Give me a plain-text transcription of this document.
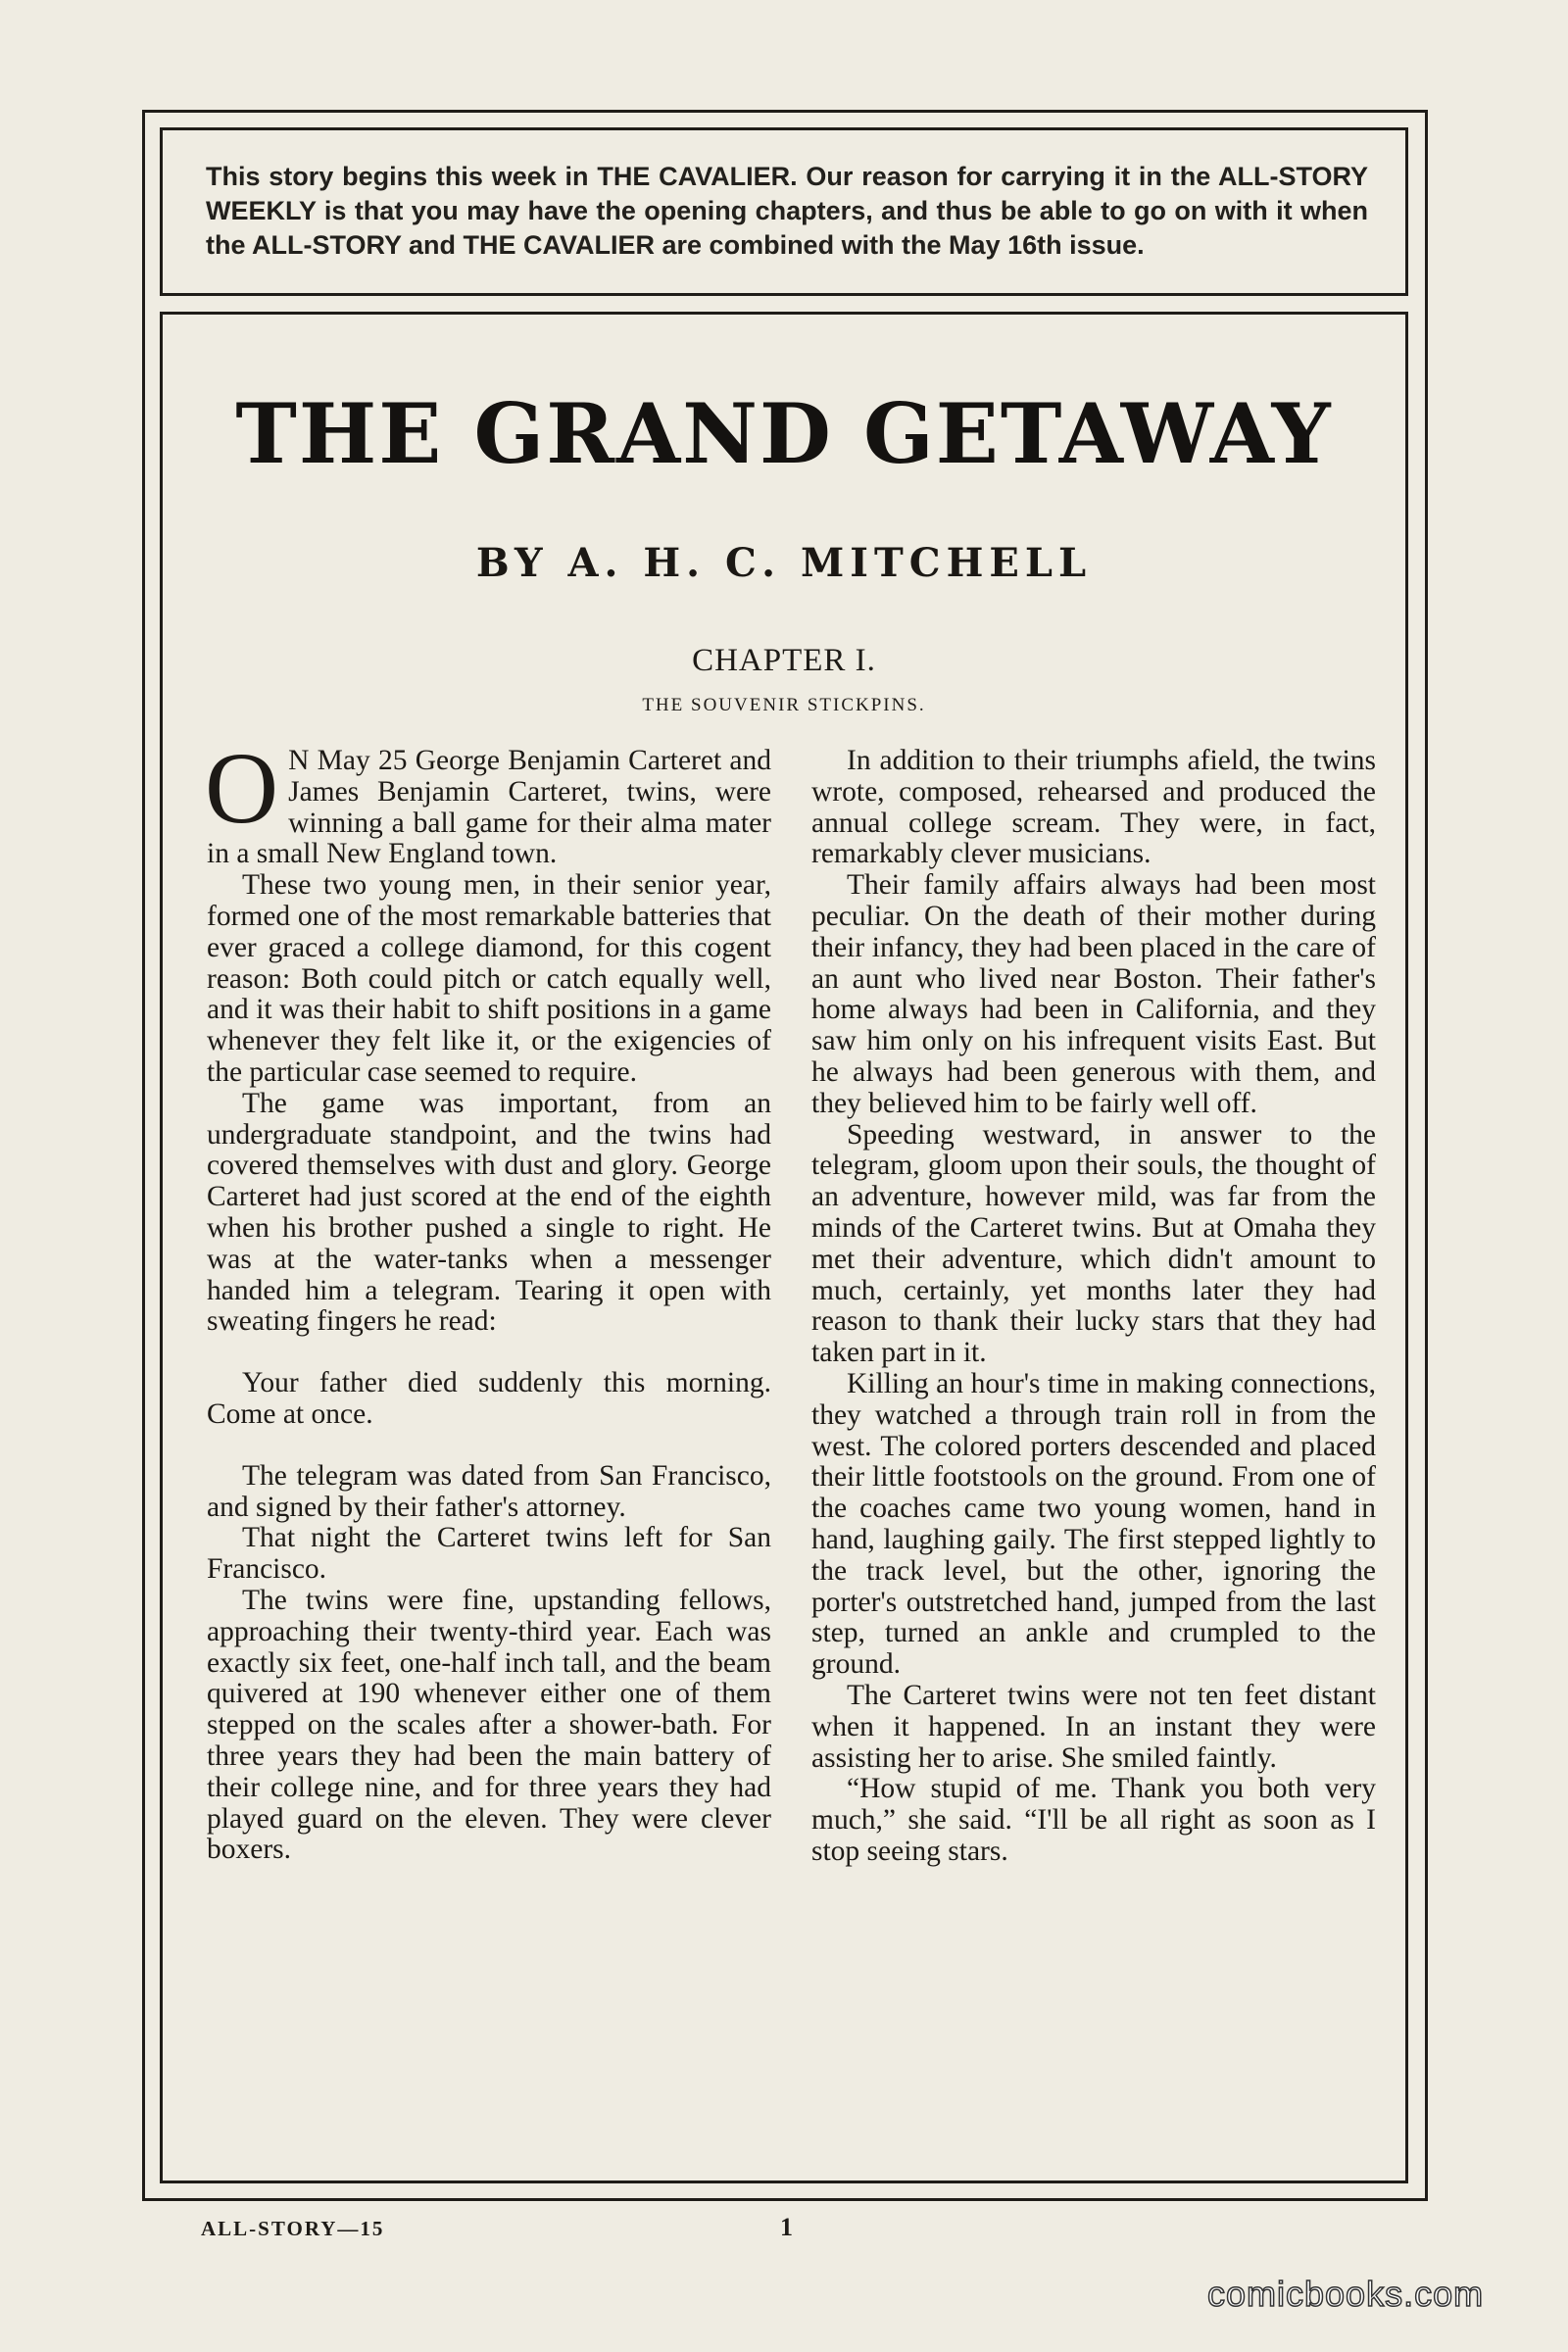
This story begins this week in THE CAVALIER. Our reason for carrying it in the ALL-STORY WEEKLY is that you may have the opening chapters, and thus be able to go on with it when the ALL-STORY and THE CAVALIER are combined with the May 16th issue.
THE GRAND GETAWAY
BY A. H. C. MITCHELL
CHAPTER I.
THE SOUVENIR STICKPINS.

O N May 25 George Benjamin Carteret and James Benjamin Carteret, twins, were winning a ball game for their alma mater in a small New England town.

These two young men, in their senior year, formed one of the most remarkable batteries that ever graced a college diamond, for this cogent reason: Both could pitch or catch equally well, and it was their habit to shift positions in a game whenever they felt like it, or the exigencies of the particular case seemed to require.

The game was important, from an undergraduate standpoint, and the twins had covered themselves with dust and glory. George Carteret had just scored at the end of the eighth when his brother pushed a single to right. He was at the water-tanks when a messenger handed him a telegram. Tearing it open with sweating fingers he read:

Your father died suddenly this morning. Come at once.

The telegram was dated from San Francisco, and signed by their father's attorney.

That night the Carteret twins left for San Francisco.

The twins were fine, upstanding fellows, approaching their twenty-third year. Each was exactly six feet, one-half inch tall, and the beam quivered at 190 whenever either one of them stepped on the scales after a shower-bath. For three years they had been the main battery of their college nine, and for three years they had played guard on the eleven. They were clever boxers.

In addition to their triumphs afield, the twins wrote, composed, rehearsed and produced the annual college scream. They were, in fact, remarkably clever musicians.

Their family affairs always had been most peculiar. On the death of their mother during their infancy, they had been placed in the care of an aunt who lived near Boston. Their father's home always had been in California, and they saw him only on his infrequent visits East. But he always had been generous with them, and they believed him to be fairly well off.

Speeding westward, in answer to the telegram, gloom upon their souls, the thought of an adventure, however mild, was far from the minds of the Carteret twins. But at Omaha they met their adventure, which didn't amount to much, certainly, yet months later they had reason to thank their lucky stars that they had taken part in it.

Killing an hour's time in making connections, they watched a through train roll in from the west. The colored porters descended and placed their little footstools on the ground. From one of the coaches came two young women, hand in hand, laughing gaily. The first stepped lightly to the track level, but the other, ignoring the porter's outstretched hand, jumped from the last step, turned an ankle and crumpled to the ground.

The Carteret twins were not ten feet distant when it happened. In an instant they were assisting her to arise. She smiled faintly.

“How stupid of me. Thank you both very much,” she said. “I'll be all right as soon as I stop seeing stars.

ALL-STORY—15	1
comicbooks.com
